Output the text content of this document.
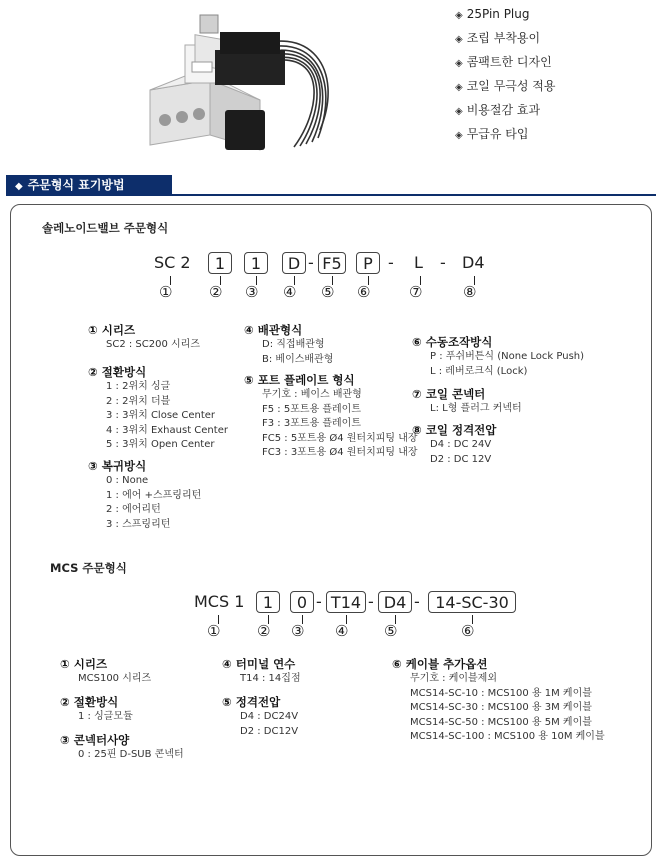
◈ 25Pin Plug
◈ 조립 부착용이
◈ 콤팩트한 디자인
◈ 코일 무극성 적용
◈ 비용절감 효과
◈ 무급유 타입
◆ 주문형식 표기방법
솔레노이드밸브 주문형식
SC 2	1	1	D - F5	P - L - D4
① ② ③ ④ ⑤ ⑥	⑦	⑧
① 시리즈
SC2 : SC200 시리즈
② 절환방식
1 : 2위치 싱글
2 : 2위치 더블
3 : 3위치 Close Center
4 : 3위치 Exhaust Center
5 : 3위치 Open Center
③ 복귀방식
0 : None
1 : 에어 +스프링리턴
2 : 에어리턴
3 : 스프링리턴
④ 배관형식
D: 직접배관형
B: 베이스배관형
⑤ 포트 플레이트 형식
무기호 : 베이스 배관형
F5 : 5포트용 플레이트
F3 : 3포트용 플레이트
FC5 : 5포트용 Ø4 원터치피팅 내장
FC3 : 3포트용 Ø4 원터치피팅 내장
⑥ 수동조작방식
P : 푸쉬버튼식 (None Lock Push)
L : 레버로크식 (Lock)
⑦ 코일 콘넥터
L: L형 플러그 커넥터
⑧ 코일 정격전압
D4 : DC 24V
D2 : DC 12V
MCS 주문형식
MCS 1	1	0 - T14 - D4 - 14-SC-30
① ② ③ ④ ⑤	⑥
① 시리즈
MCS100 시리즈
② 절환방식
1 : 싱글모듈
③ 콘넥터사양
0 : 25핀 D-SUB 콘넥터
④ 터미널 연수
T14 : 14집점
⑤ 정격전압
D4 : DC24V
D2 : DC12V
⑥ 케이블 추가옵션
무기호 : 케이블제외
MCS14-SC-10 : MCS100 용 1M 케이블
MCS14-SC-30 : MCS100 용 3M 케이블
MCS14-SC-50 : MCS100 용 5M 케이블
MCS14-SC-100 : MCS100 용 10M 케이블
